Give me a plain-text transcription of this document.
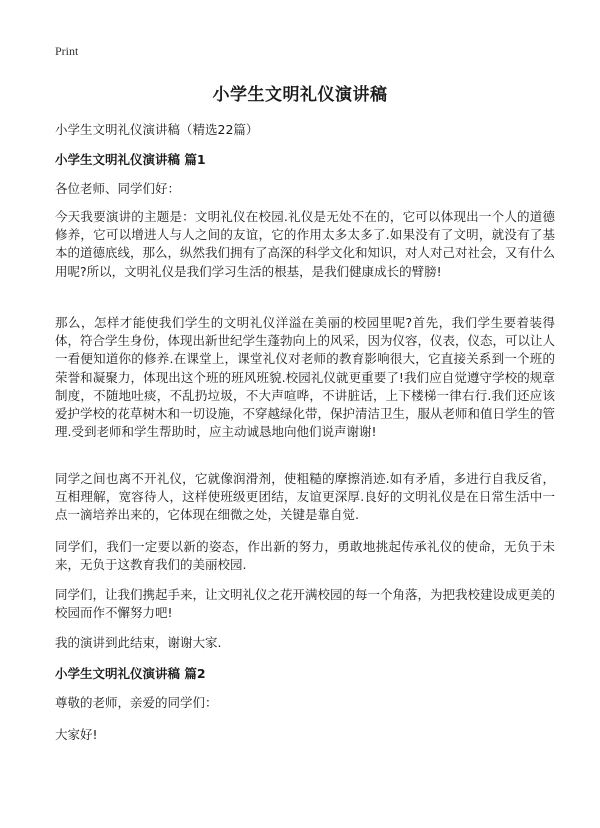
Print
小学生文明礼仪演讲稿
小学生文明礼仪演讲稿（精选22篇）
小学生文明礼仪演讲稿 篇1
各位老师、同学们好：
今天我要演讲的主题是：文明礼仪在校园.礼仪是无处不在的，它可以体现出一个人的道德修养，它可以增进人与人之间的友谊，它的作用太多太多了.如果没有了文明，就没有了基本的道德底线，那么，纵然我们拥有了高深的科学文化和知识，对人对己对社会，又有什么用呢?所以，文明礼仪是我们学习生活的根基，是我们健康成长的臂膀!
那么，怎样才能使我们学生的文明礼仪洋溢在美丽的校园里呢?首先，我们学生要着装得体，符合学生身份，体现出新世纪学生蓬勃向上的风采，因为仪容，仪表，仪态，可以让人一看便知道你的修养.在课堂上，课堂礼仪对老师的教育影响很大，它直接关系到一个班的荣誉和凝聚力，体现出这个班的班风班貌.校园礼仪就更重要了!我们应自觉遵守学校的规章制度，不随地吐痰，不乱扔垃圾，不大声喧哗，不讲脏话，上下楼梯一律右行.我们还应该爱护学校的花草树木和一切设施，不穿越绿化带，保护清洁卫生，服从老师和值日学生的管理.受到老师和学生帮助时，应主动诚恳地向他们说声谢谢!
同学之间也离不开礼仪，它就像润滑剂，使粗糙的摩擦消迹.如有矛盾，多进行自我反省，互相理解，宽容待人，这样使班级更团结，友谊更深厚.良好的文明礼仪是在日常生活中一点一滴培养出来的，它体现在细微之处，关键是靠自觉.
同学们，我们一定要以新的姿态，作出新的努力，勇敢地挑起传承礼仪的使命，无负于未来，无负于这教育我们的美丽校园.
同学们，让我们携起手来，让文明礼仪之花开满校园的每一个角落，为把我校建设成更美的校园而作不懈努力吧!
我的演讲到此结束，谢谢大家.
小学生文明礼仪演讲稿 篇2
尊敬的老师，亲爱的同学们：
大家好!
